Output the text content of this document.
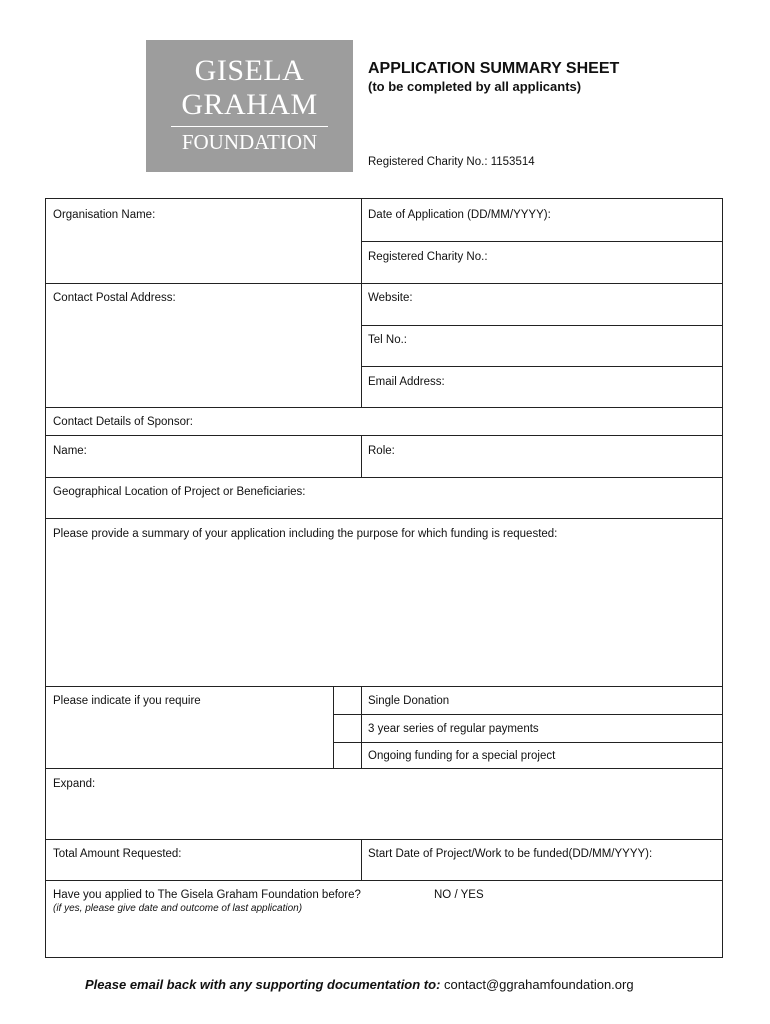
GISELA
GRAHAM
FOUNDATION
APPLICATION SUMMARY SHEET
(to be completed by all applicants)
Registered Charity No.: 1153514
Organisation Name:	Date of Application (DD/MM/YYYY):
Registered Charity No.:
Contact Postal Address:	Website:
Tel No.:
Email Address:
Contact Details of Sponsor:
Name:	Role:
Geographical Location of Project or Beneficiaries:
Please provide a summary of your application including the purpose for which funding is requested:
Please indicate if you require	Single Donation
3 year series of regular payments
Ongoing funding for a special project
Expand:
Total Amount Requested:	Start Date of Project/Work to be funded(DD/MM/YYYY):
Have you applied to The Gisela Graham Foundation before?	NO / YES
(if yes, please give date and outcome of last application)
Please email back with any supporting documentation to: contact@ggrahamfoundation.org
